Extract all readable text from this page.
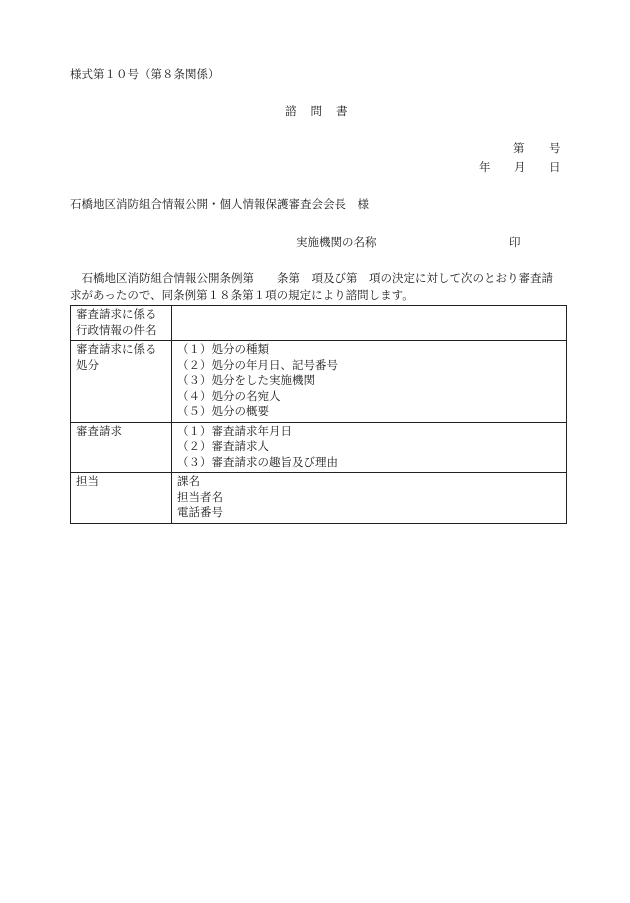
様式第１０号（第８条関係）
諮 問 書
第 号
年 月 日
石橋地区消防組合情報公開・個人情報保護審査会会長　様
実施機関の名称	印
　石橋地区消防組合情報公開条例第　　条第　項及び第　項の決定に対して次のとおり審査請
求があったので、同条例第１８条第１項の規定により諮問します。
審査請求に係る
行政情報の件名	

審査請求に係る
処分	（１）処分の種類
（２）処分の年月日、記号番号
（３）処分をした実施機関
（４）処分の名宛人
（５）処分の概要

審査請求	（１）審査請求年月日
（２）審査請求人
（３）審査請求の趣旨及び理由

担当	課名
担当者名
電話番号
